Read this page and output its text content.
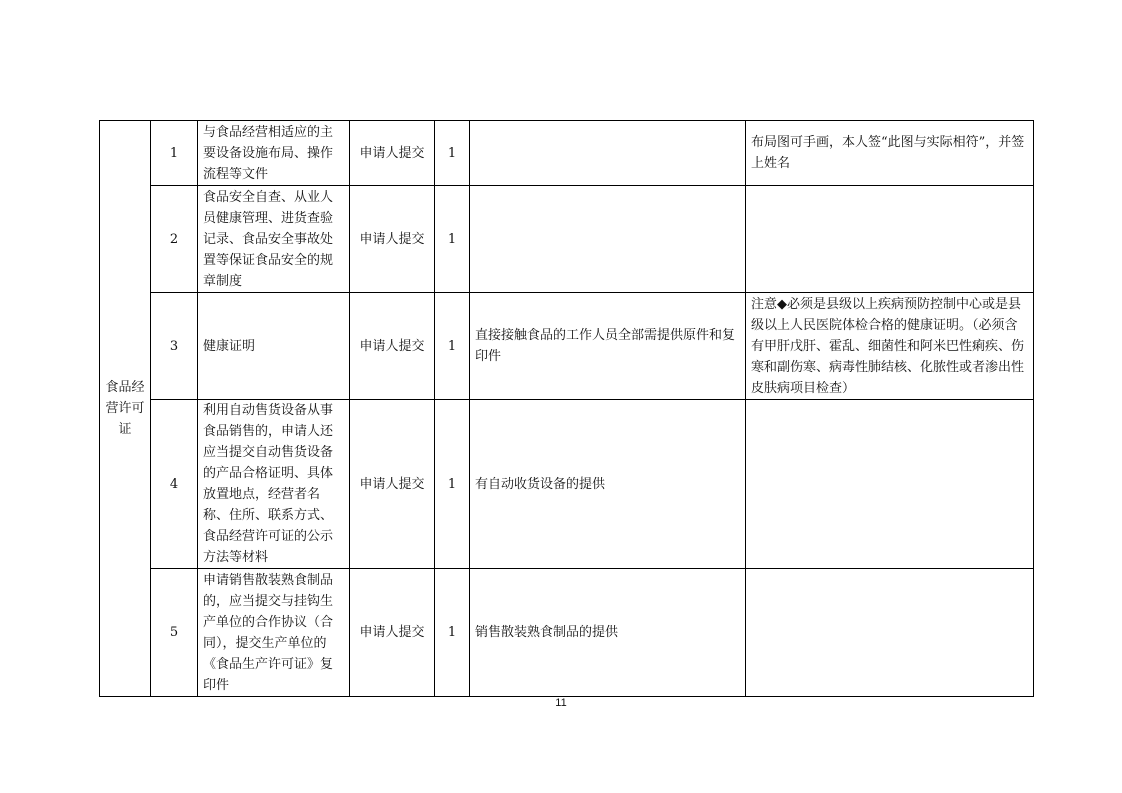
食品经营许可证	1	与食品经营相适应的主要设备设施布局、操作流程等文件	申请人提交	1		布局图可手画，本人签“此图与实际相符”，并签上姓名
	2	食品安全自查、从业人员健康管理、进货查验记录、食品安全事故处置等保证食品安全的规章制度	申请人提交	1		
	3	健康证明	申请人提交	1	直接接触食品的工作人员全部需提供原件和复印件	注意◆必须是县级以上疾病预防控制中心或是县级以上人民医院体检合格的健康证明。（必须含有甲肝戊肝、霍乱、细菌性和阿米巴性痢疾、伤寒和副伤寒、病毒性肺结核、化脓性或者渗出性皮肤病项目检查）
	4	利用自动售货设备从事食品销售的，申请人还应当提交自动售货设备的产品合格证明、具体放置地点，经营者名称、住所、联系方式、食品经营许可证的公示方法等材料	申请人提交	1	有自动收货设备的提供	
	5	申请销售散装熟食制品的，应当提交与挂钩生产单位的合作协议（合同），提交生产单位的《食品生产许可证》复印件	申请人提交	1	销售散装熟食制品的提供	
11
